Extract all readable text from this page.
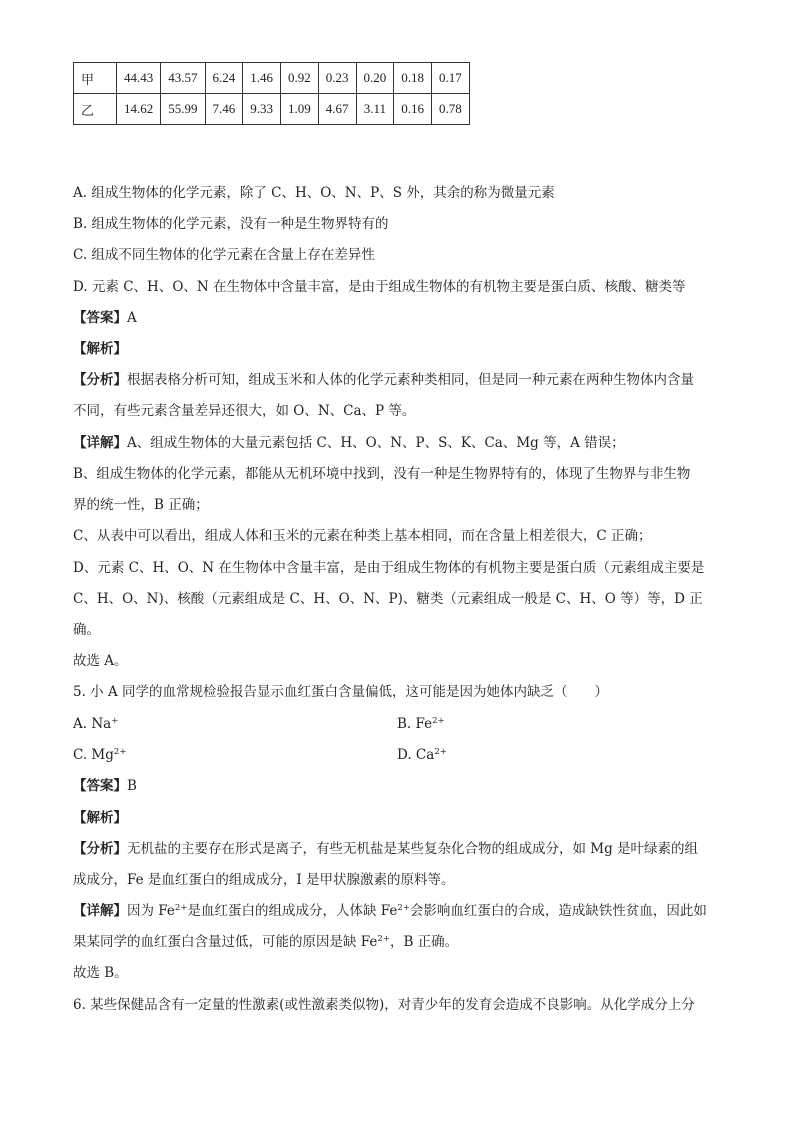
甲	44.43	43.57	6.24	1.46	0.92	0.23	0.20	0.18	0.17
乙	14.62	55.99	7.46	9.33	1.09	4.67	3.11	0.16	0.78
A. 组成生物体的化学元素，除了 C、H、O、N、P、S 外，其余的称为微量元素
B. 组成生物体的化学元素，没有一种是生物界特有的
C. 组成不同生物体的化学元素在含量上存在差异性
D. 元素 C、H、O、N 在生物体中含量丰富，是由于组成生物体的有机物主要是蛋白质、核酸、糖类等
【答案】A
【解析】
【分析】根据表格分析可知，组成玉米和人体的化学元素种类相同，但是同一种元素在两种生物体内含量
不同，有些元素含量差异还很大，如 O、N、Ca、P 等。
【详解】A、组成生物体的大量元素包括 C、H、O、N、P、S、K、Ca、Mg 等，A 错误；
B、组成生物体的化学元素，都能从无机环境中找到，没有一种是生物界特有的，体现了生物界与非生物
界的统一性，B 正确；
C、从表中可以看出，组成人体和玉米的元素在种类上基本相同，而在含量上相差很大，C 正确；
D、元素 C、H、O、N 在生物体中含量丰富，是由于组成生物体的有机物主要是蛋白质（元素组成主要是
C、H、O、N)、核酸（元素组成是 C、H、O、N、P)、糖类（元素组成一般是 C、H、O 等）等，D 正
确。
故选 A。
5. 小 A 同学的血常规检验报告显示血红蛋白含量偏低，这可能是因为她体内缺乏（　　）
A. Na+	B. $Fe^{2+}$
C. $Mg^{2+}$	D. $Ca^{2+}$
【答案】B
【解析】
【分析】无机盐的主要存在形式是离子，有些无机盐是某些复杂化合物的组成成分，如 Mg 是叶绿素的组
成成分，Fe 是血红蛋白的组成成分，I 是甲状腺激素的原料等。
【详解】因为 $Fe^{2+}$是血红蛋白的组成成分，人体缺 $Fe^{2+}$会影响血红蛋白的合成，造成缺铁性贫血，因此如
果某同学的血红蛋白含量过低，可能的原因是缺 $Fe^{2+}$，B 正确。
故选 B。
6. 某些保健品含有一定量的性激素(或性激素类似物)，对青少年的发育会造成不良影响。从化学成分上分
